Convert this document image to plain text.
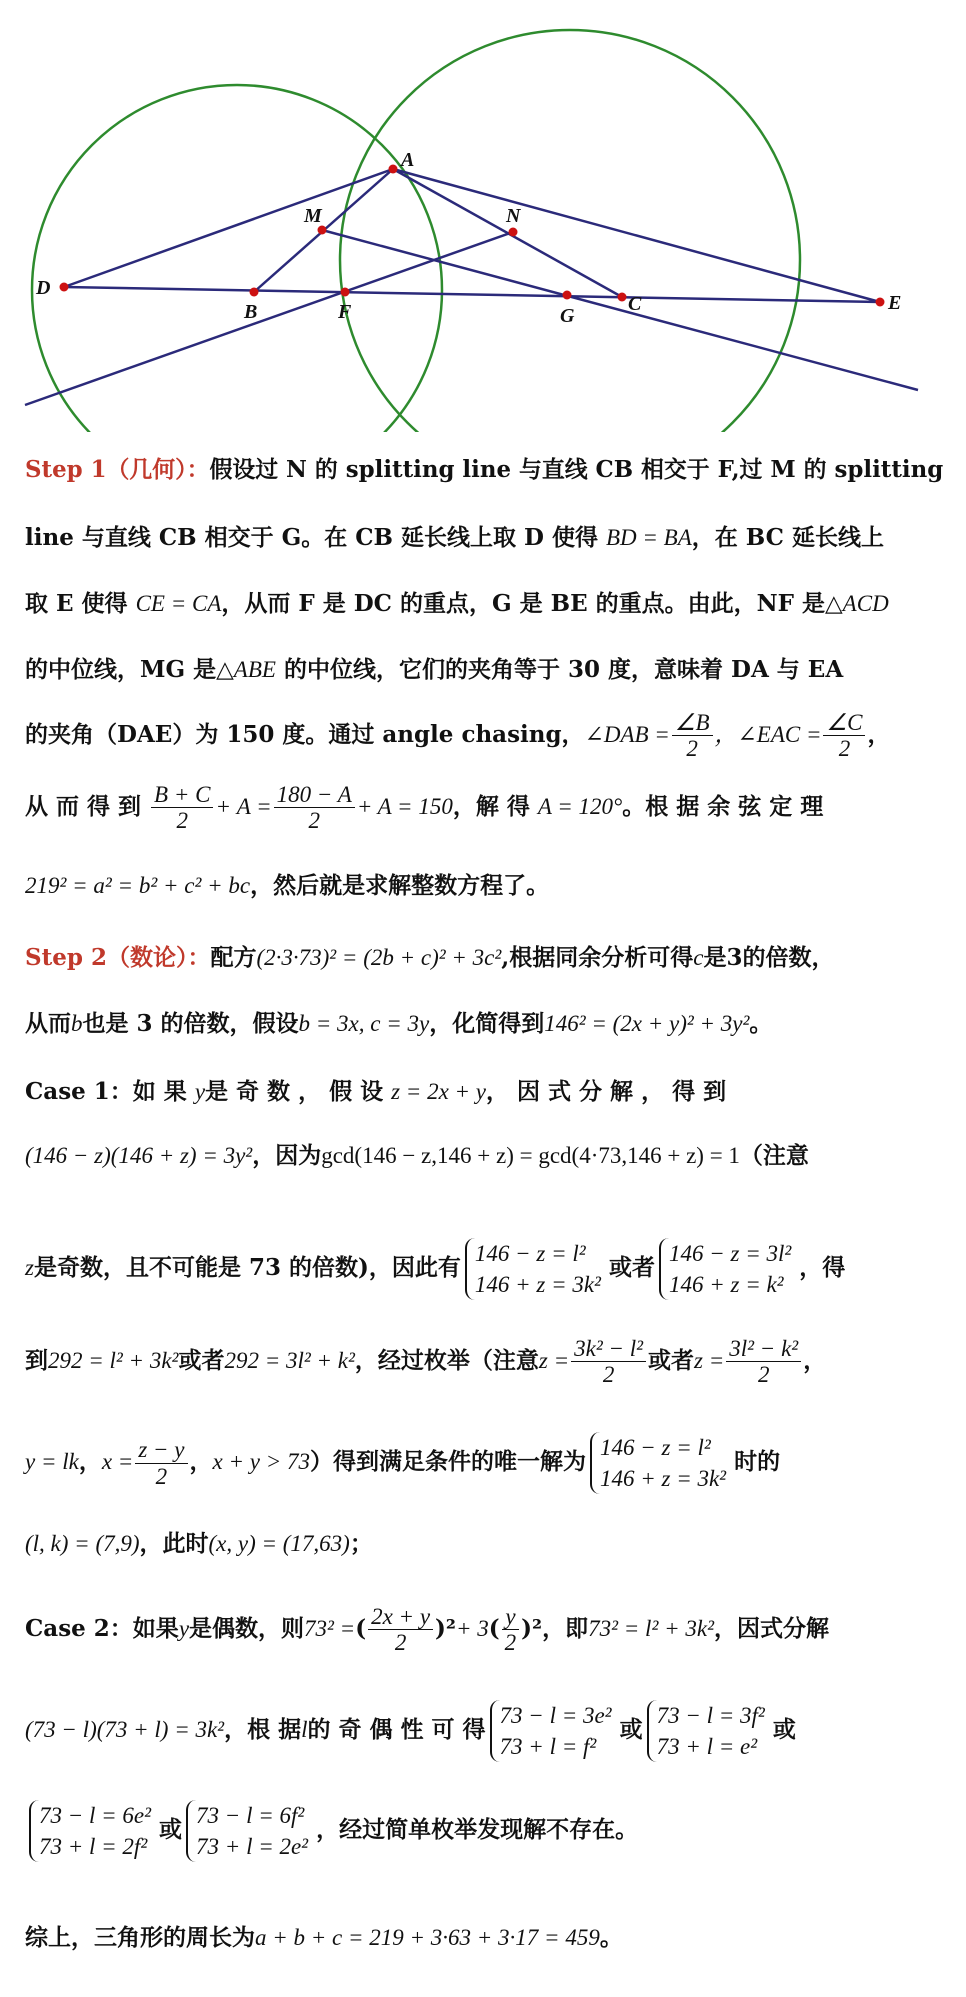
A
M	N
D
B	F	G
C	E
Step 1（几何）：假设过 N 的 splitting line 与直线 CB 相交于 F,过 M 的 splitting
line 与直线 CB 相交于 G。在 CB 延长线上取 D 使得 BD = BA，在 BC 延长线上
取 E 使得 CE = CA，从而 F 是 DC 的重点，G 是 BE 的重点。由此，NF 是△ACD
的中位线，MG 是△ABE 的中位线，它们的夹角等于 30 度，意味着 DA 与 EA
的夹角（DAE）为 150 度。通过 angle chasing，∠DAB = $\frac{\angle B}{2}$ ，∠EAC = $\frac{\angle C}{2}$ ，
从 而 得 到 $\frac{B + C}{2} + A = \frac{180 - A}{2} + A = 150$，解 得 A = 120°。根 据 余 弦 定 理
219² = a² = b² + c² + bc，然后就是求解整数方程了。
Step 2（数论）：配方(2·3·73)² = (2b + c)² + 3c²,根据同余分析可得c是3的倍数，
从而b也是 3 的倍数，假设b = 3x, c = 3y，化简得到146² = (2x + y)² + 3y²。
Case 1：如 果 y是 奇 数 ， 假 设 z = 2x + y， 因 式 分 解 ， 得 到
(146 − z)(146 + z) = 3y²，因为gcd(146 − z,146 + z) = gcd(4·73,146 + z) = 1（注意
z是奇数，且不可能是 73 的倍数)，因此有
146 − z = l²
146 + z = 3k²
或者
146 − z = 3l²
146 + z = k²
，得
到292 = l² + 3k²或者292 = 3l² + k²，经过枚举（注意$z = \frac{\text{3k² − l²}}{2}$ 或者$z = \frac{\text{3l² − k²}}{2}$ ，
y = lk，$x = \frac{z - y}{2}$ ，x + y > 73）得到满足条件的唯一解为
146 − z = l²
146 + z = 3k²
时的
(l, k) = (7,9)，此时(x, y) = (17,63)；
Case 2：如果y是偶数，则73² =( $\frac{2x + y}{2} )^2+ 3( \frac{y}{2} )^2$，即73² = l² + 3k²，因式分解
(73 − l)(73 + l) = 3k²，根 据l的 奇 偶 性 可 得
73 − l = 3e²
73 + l = f²
或
73 − l = 3f²
73 + l = e²
或
73 − l = 6e²
73 + l = 2f²
或
73 − l = 6f²
73 + l = 2e²
，经过简单枚举发现解不存在。
综上，三角形的周长为a + b + c = 219 + 3·63 + 3·17 = 459。
